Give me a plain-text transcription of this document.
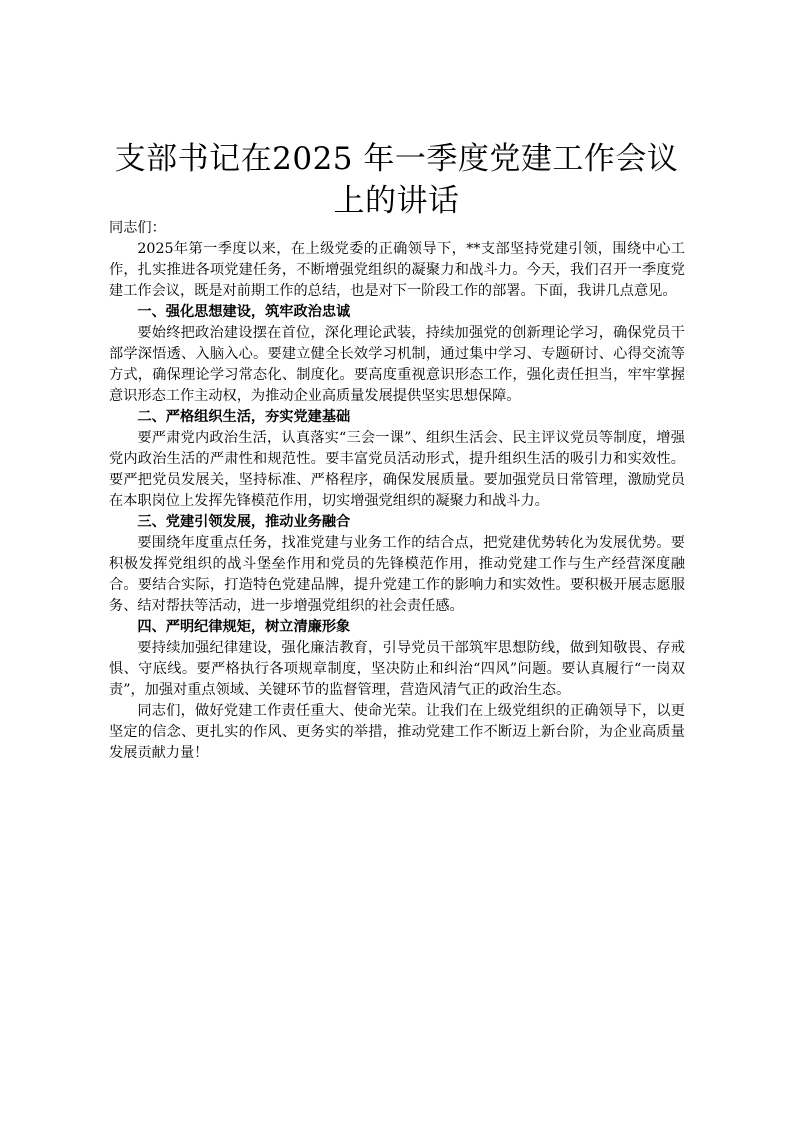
支部书记在2025 年一季度党建工作会议上的讲话

同志们：

2025年第一季度以来，在上级党委的正确领导下，**支部坚持党建引领，围绕中心工作，扎实推进各项党建任务，不断增强党组织的凝聚力和战斗力。今天，我们召开一季度党建工作会议，既是对前期工作的总结，也是对下一阶段工作的部署。下面，我讲几点意见。

一、强化思想建设，筑牢政治忠诚

要始终把政治建设摆在首位，深化理论武装，持续加强党的创新理论学习，确保党员干部学深悟透、入脑入心。要建立健全长效学习机制，通过集中学习、专题研讨、心得交流等方式，确保理论学习常态化、制度化。要高度重视意识形态工作，强化责任担当，牢牢掌握意识形态工作主动权，为推动企业高质量发展提供坚实思想保障。

二、严格组织生活，夯实党建基础

要严肃党内政治生活，认真落实“三会一课”、组织生活会、民主评议党员等制度，增强党内政治生活的严肃性和规范性。要丰富党员活动形式，提升组织生活的吸引力和实效性。要严把党员发展关，坚持标准、严格程序，确保发展质量。要加强党员日常管理，激励党员在本职岗位上发挥先锋模范作用，切实增强党组织的凝聚力和战斗力。

三、党建引领发展，推动业务融合

要围绕年度重点任务，找准党建与业务工作的结合点，把党建优势转化为发展优势。要积极发挥党组织的战斗堡垒作用和党员的先锋模范作用，推动党建工作与生产经营深度融合。要结合实际，打造特色党建品牌，提升党建工作的影响力和实效性。要积极开展志愿服务、结对帮扶等活动，进一步增强党组织的社会责任感。

四、严明纪律规矩，树立清廉形象

要持续加强纪律建设，强化廉洁教育，引导党员干部筑牢思想防线，做到知敬畏、存戒惧、守底线。要严格执行各项规章制度，坚决防止和纠治“四风”问题。要认真履行“一岗双责”，加强对重点领域、关键环节的监督管理，营造风清气正的政治生态。

同志们，做好党建工作责任重大、使命光荣。让我们在上级党组织的正确领导下，以更坚定的信念、更扎实的作风、更务实的举措，推动党建工作不断迈上新台阶，为企业高质量发展贡献力量！
